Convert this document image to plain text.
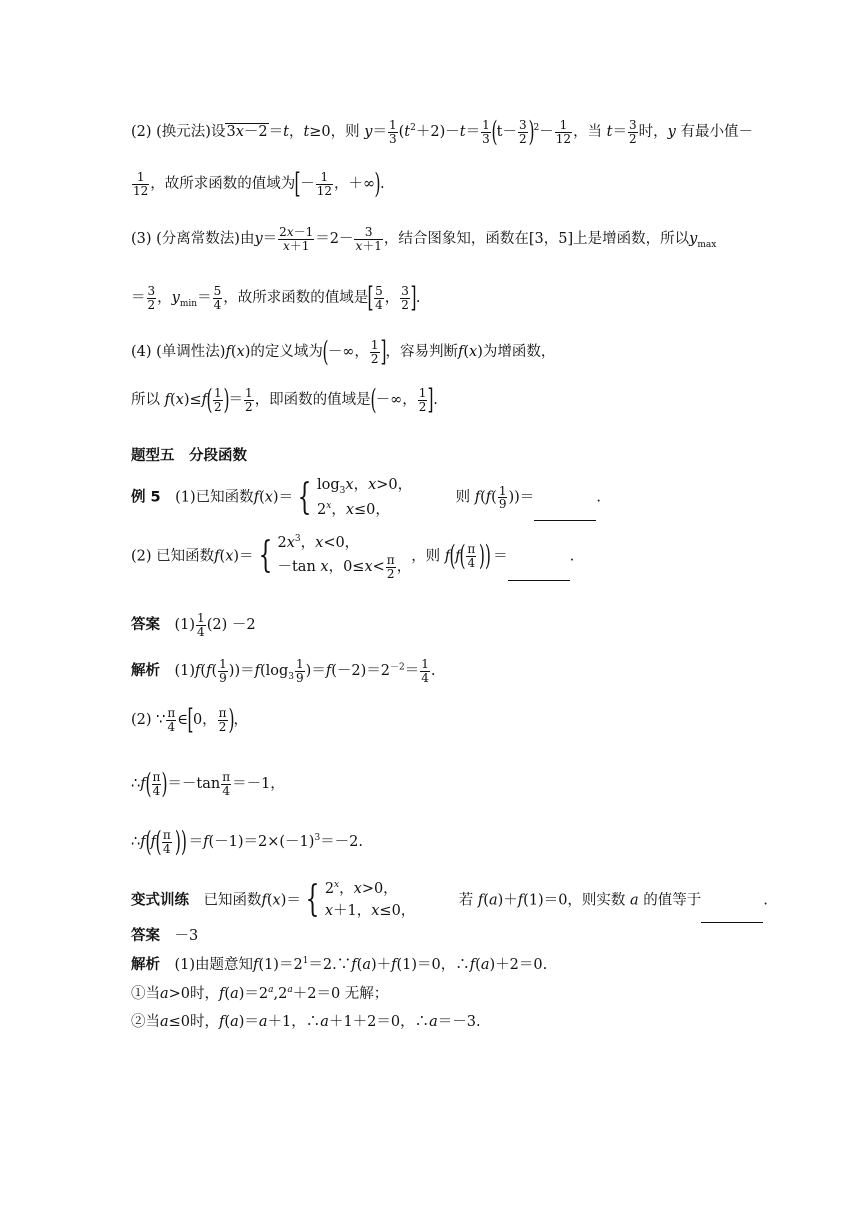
(2) (换元法)设3x－2＝t，t≥0，则 $y= \frac{1}{3} (t^2+2)-t= \frac{1}{3} (t- \frac{3}{2} )^2- \frac{1}{12}$ ，当 $t= \frac{3}{2}$ 时，y 有最小值－
$\frac{1}{12}$ ，故所求函数的值域为[－ $\frac{1}{12}$ ，＋∞).
(3) (分离常数法)由$y= \frac{2x-1}{x+1} =2- \frac{3}{x+1}$ ，结合图象知，函数在[3，5]上是增函数，所以$y_{max}$
＝ $\frac{3}{2}$ ，$y_{min}= \frac{5}{4}$ ，故所求函数的值域是[ $\frac{5}{4}$ ， $\frac{3}{2}$ ].
(4) (单调性法)f(x)的定义域为(－∞， $\frac{1}{2}$ ]，容易判断f(x)为增函数，
所以 $f(x)\le f( \frac{1}{2}$ )＝ $\frac{1}{2}$ ，即函数的值域是(－∞， $\frac{1}{2}$ ].
题型五　分段函数
例 5　 (1)已知函数f(x)＝ { $\log_3x$，x>0，
2$^x$，x≤0，
　　　则 $f(f( \frac{1}{9}$ ))＝	.
(2) 已知函数f(x)＝ { $2x^3$，x<0，
－tan x，$0\le x< \frac{\pi}{2}$ ，
，则 $f(f( \frac{\pi}{4}$ )) ＝	.
答案　 $(1) \frac{1}{4} (2) -2$
解析　$(1)f(f( \frac{1}{9} ))=f(\log_3 \frac{1}{9} )=f(-2)=2^{-2}= \frac{1}{4}$ .
(2) ∵ $\frac{\pi}{4}$ ∈[0， $\frac{\pi}{2}$ )，
∴f( $\frac{\pi}{4} )=-\tan \frac{\pi}{4} =-1$，
∴f(f( $\frac{\pi}{4}$ )) $=f(-1)=2\times(-1)^3=-2$.
变式训练　 已知函数f(x)＝ { 2$^x$，x>0，
x＋1，x≤0，
　　　若 f(a)＋f(1)＝0，则实数 a 的值等于	.
答案　 －3
解析　 (1)由题意知$f(1)=2^1=2.\because f(a)+f(1)=0$，∴f(a)＋2＝0.
①当a>0时，$f(a)=2^a,2^a+2=0$ 无解；
②当a≤0时，f(a)＝a＋1，∴a＋1＋2＝0，∴a＝－3.
